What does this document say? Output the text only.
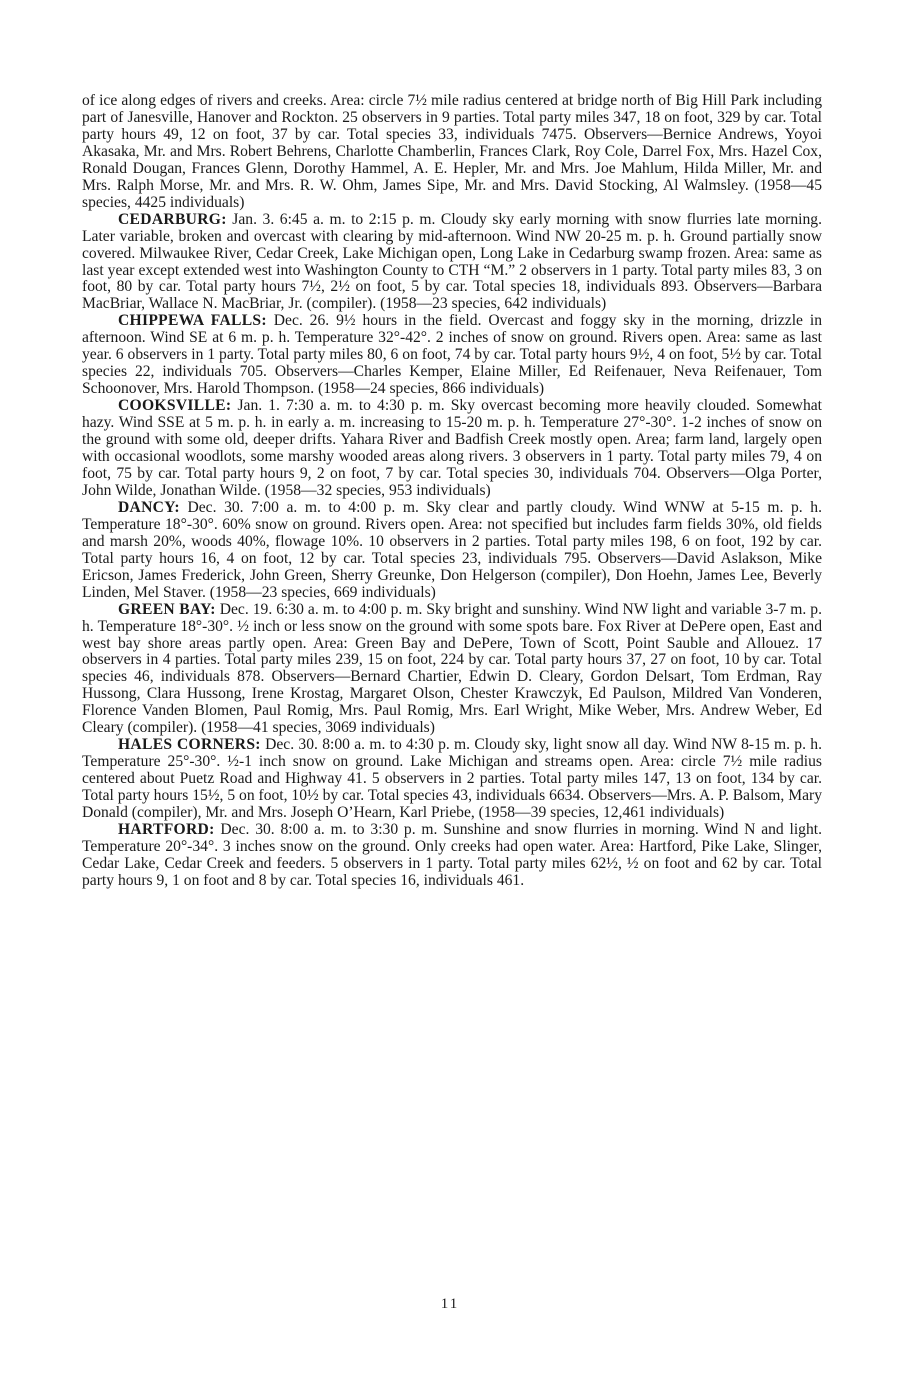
of ice along edges of rivers and creeks. Area: circle 7½ mile radius centered at bridge north of Big Hill Park including part of Janesville, Hanover and Rockton. 25 observers in 9 parties. Total party miles 347, 18 on foot, 329 by car. Total party hours 49, 12 on foot, 37 by car. Total species 33, individuals 7475. Observers—Bernice Andrews, Yoyoi Akasaka, Mr. and Mrs. Robert Behrens, Charlotte Chamberlin, Frances Clark, Roy Cole, Darrel Fox, Mrs. Hazel Cox, Ronald Dougan, Frances Glenn, Dorothy Hammel, A. E. Hepler, Mr. and Mrs. Joe Mahlum, Hilda Miller, Mr. and Mrs. Ralph Morse, Mr. and Mrs. R. W. Ohm, James Sipe, Mr. and Mrs. David Stocking, Al Walmsley. (1958—45 species, 4425 individuals)

CEDARBURG: Jan. 3. 6:45 a. m. to 2:15 p. m. Cloudy sky early morning with snow flurries late morning. Later variable, broken and overcast with clearing by mid-afternoon. Wind NW 20-25 m. p. h. Ground partially snow covered. Milwaukee River, Cedar Creek, Lake Michigan open, Long Lake in Cedarburg swamp frozen. Area: same as last year except extended west into Washington County to CTH “M.” 2 observers in 1 party. Total party miles 83, 3 on foot, 80 by car. Total party hours 7½, 2½ on foot, 5 by car. Total species 18, individuals 893. Observers—Barbara MacBriar, Wallace N. MacBriar, Jr. (compiler). (1958—23 species, 642 individuals)

CHIPPEWA FALLS: Dec. 26. 9½ hours in the field. Overcast and foggy sky in the morning, drizzle in afternoon. Wind SE at 6 m. p. h. Temperature 32°-42°. 2 inches of snow on ground. Rivers open. Area: same as last year. 6 observers in 1 party. Total party miles 80, 6 on foot, 74 by car. Total party hours 9½, 4 on foot, 5½ by car. Total species 22, individuals 705. Observers—Charles Kemper, Elaine Miller, Ed Reifenauer, Neva Reifenauer, Tom Schoonover, Mrs. Harold Thompson. (1958—24 species, 866 individuals)

COOKSVILLE: Jan. 1. 7:30 a. m. to 4:30 p. m. Sky overcast becoming more heavily clouded. Somewhat hazy. Wind SSE at 5 m. p. h. in early a. m. increasing to 15-20 m. p. h. Temperature 27°-30°. 1-2 inches of snow on the ground with some old, deeper drifts. Yahara River and Badfish Creek mostly open. Area; farm land, largely open with occasional woodlots, some marshy wooded areas along rivers. 3 observers in 1 party. Total party miles 79, 4 on foot, 75 by car. Total party hours 9, 2 on foot, 7 by car. Total species 30, individuals 704. Observers—Olga Porter, John Wilde, Jonathan Wilde. (1958—32 species, 953 individuals)

DANCY: Dec. 30. 7:00 a. m. to 4:00 p. m. Sky clear and partly cloudy. Wind WNW at 5-15 m. p. h. Temperature 18°-30°. 60% snow on ground. Rivers open. Area: not specified but includes farm fields 30%, old fields and marsh 20%, woods 40%, flowage 10%. 10 observers in 2 parties. Total party miles 198, 6 on foot, 192 by car. Total party hours 16, 4 on foot, 12 by car. Total species 23, individuals 795. Observers—David Aslakson, Mike Ericson, James Frederick, John Green, Sherry Greunke, Don Helgerson (compiler), Don Hoehn, James Lee, Beverly Linden, Mel Staver. (1958—23 species, 669 individuals)

GREEN BAY: Dec. 19. 6:30 a. m. to 4:00 p. m. Sky bright and sunshiny. Wind NW light and variable 3-7 m. p. h. Temperature 18°-30°. ½ inch or less snow on the ground with some spots bare. Fox River at DePere open, East and west bay shore areas partly open. Area: Green Bay and DePere, Town of Scott, Point Sauble and Allouez. 17 observers in 4 parties. Total party miles 239, 15 on foot, 224 by car. Total party hours 37, 27 on foot, 10 by car. Total species 46, individuals 878. Observers—Bernard Chartier, Edwin D. Cleary, Gordon Delsart, Tom Erdman, Ray Hussong, Clara Hussong, Irene Krostag, Margaret Olson, Chester Krawczyk, Ed Paulson, Mildred Van Vonderen, Florence Vanden Blomen, Paul Romig, Mrs. Paul Romig, Mrs. Earl Wright, Mike Weber, Mrs. Andrew Weber, Ed Cleary (compiler). (1958—41 species, 3069 individuals)

HALES CORNERS: Dec. 30. 8:00 a. m. to 4:30 p. m. Cloudy sky, light snow all day. Wind NW 8-15 m. p. h. Temperature 25°-30°. ½-1 inch snow on ground. Lake Michigan and streams open. Area: circle 7½ mile radius centered about Puetz Road and Highway 41. 5 observers in 2 parties. Total party miles 147, 13 on foot, 134 by car. Total party hours 15½, 5 on foot, 10½ by car. Total species 43, individuals 6634. Observers—Mrs. A. P. Balsom, Mary Donald (compiler), Mr. and Mrs. Joseph O’Hearn, Karl Priebe, (1958—39 species, 12,461 individuals)

HARTFORD: Dec. 30. 8:00 a. m. to 3:30 p. m. Sunshine and snow flurries in morning. Wind N and light. Temperature 20°-34°. 3 inches snow on the ground. Only creeks had open water. Area: Hartford, Pike Lake, Slinger, Cedar Lake, Cedar Creek and feeders. 5 observers in 1 party. Total party miles 62½, ½ on foot and 62 by car. Total party hours 9, 1 on foot and 8 by car. Total species 16, individuals 461.

11
